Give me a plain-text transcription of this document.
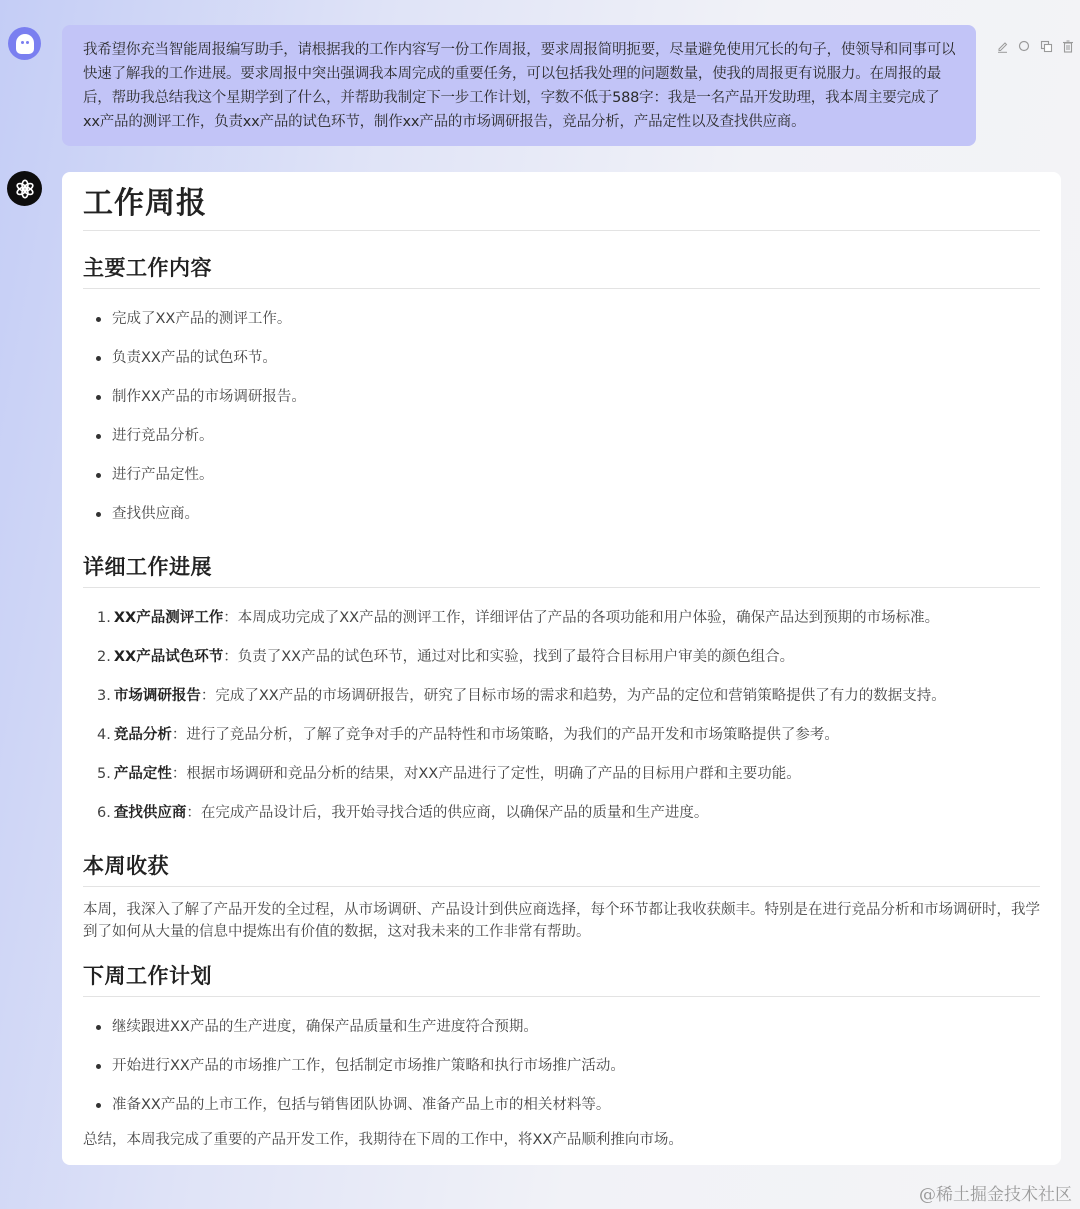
我希望你充当智能周报编写助手，请根据我的工作内容写一份工作周报，要求周报简明扼要，尽量避免使用冗长的句子，使领导和同事可以快速了解我的工作进展。要求周报中突出强调我本周完成的重要任务，可以包括我处理的问题数量，使我的周报更有说服力。在周报的最后，帮助我总结我这个星期学到了什么，并帮助我制定下一步工作计划，字数不低于588字：我是一名产品开发助理，我本周主要完成了xx产品的测评工作，负责xx产品的试色环节，制作xx产品的市场调研报告，竞品分析，产品定性以及查找供应商。
工作周报
主要工作内容
完成了XX产品的测评工作。
负责XX产品的试色环节。
制作XX产品的市场调研报告。
进行竞品分析。
进行产品定性。
查找供应商。
详细工作进展
1. XX产品测评工作：本周成功完成了XX产品的测评工作，详细评估了产品的各项功能和用户体验，确保产品达到预期的市场标准。
2. XX产品试色环节：负责了XX产品的试色环节，通过对比和实验，找到了最符合目标用户审美的颜色组合。
3. 市场调研报告：完成了XX产品的市场调研报告，研究了目标市场的需求和趋势，为产品的定位和营销策略提供了有力的数据支持。
4. 竞品分析：进行了竞品分析，了解了竞争对手的产品特性和市场策略，为我们的产品开发和市场策略提供了参考。
5. 产品定性：根据市场调研和竞品分析的结果，对XX产品进行了定性，明确了产品的目标用户群和主要功能。
6. 查找供应商：在完成产品设计后，我开始寻找合适的供应商，以确保产品的质量和生产进度。
本周收获

本周，我深入了解了产品开发的全过程，从市场调研、产品设计到供应商选择，每个环节都让我收获颇丰。特别是在进行竞品分析和市场调研时，我学到了如何从大量的信息中提炼出有价值的数据，这对我未来的工作非常有帮助。

下周工作计划
继续跟进XX产品的生产进度，确保产品质量和生产进度符合预期。
开始进行XX产品的市场推广工作，包括制定市场推广策略和执行市场推广活动。
准备XX产品的上市工作，包括与销售团队协调、准备产品上市的相关材料等。

总结，本周我完成了重要的产品开发工作，我期待在下周的工作中，将XX产品顺利推向市场。

@稀土掘金技术社区
